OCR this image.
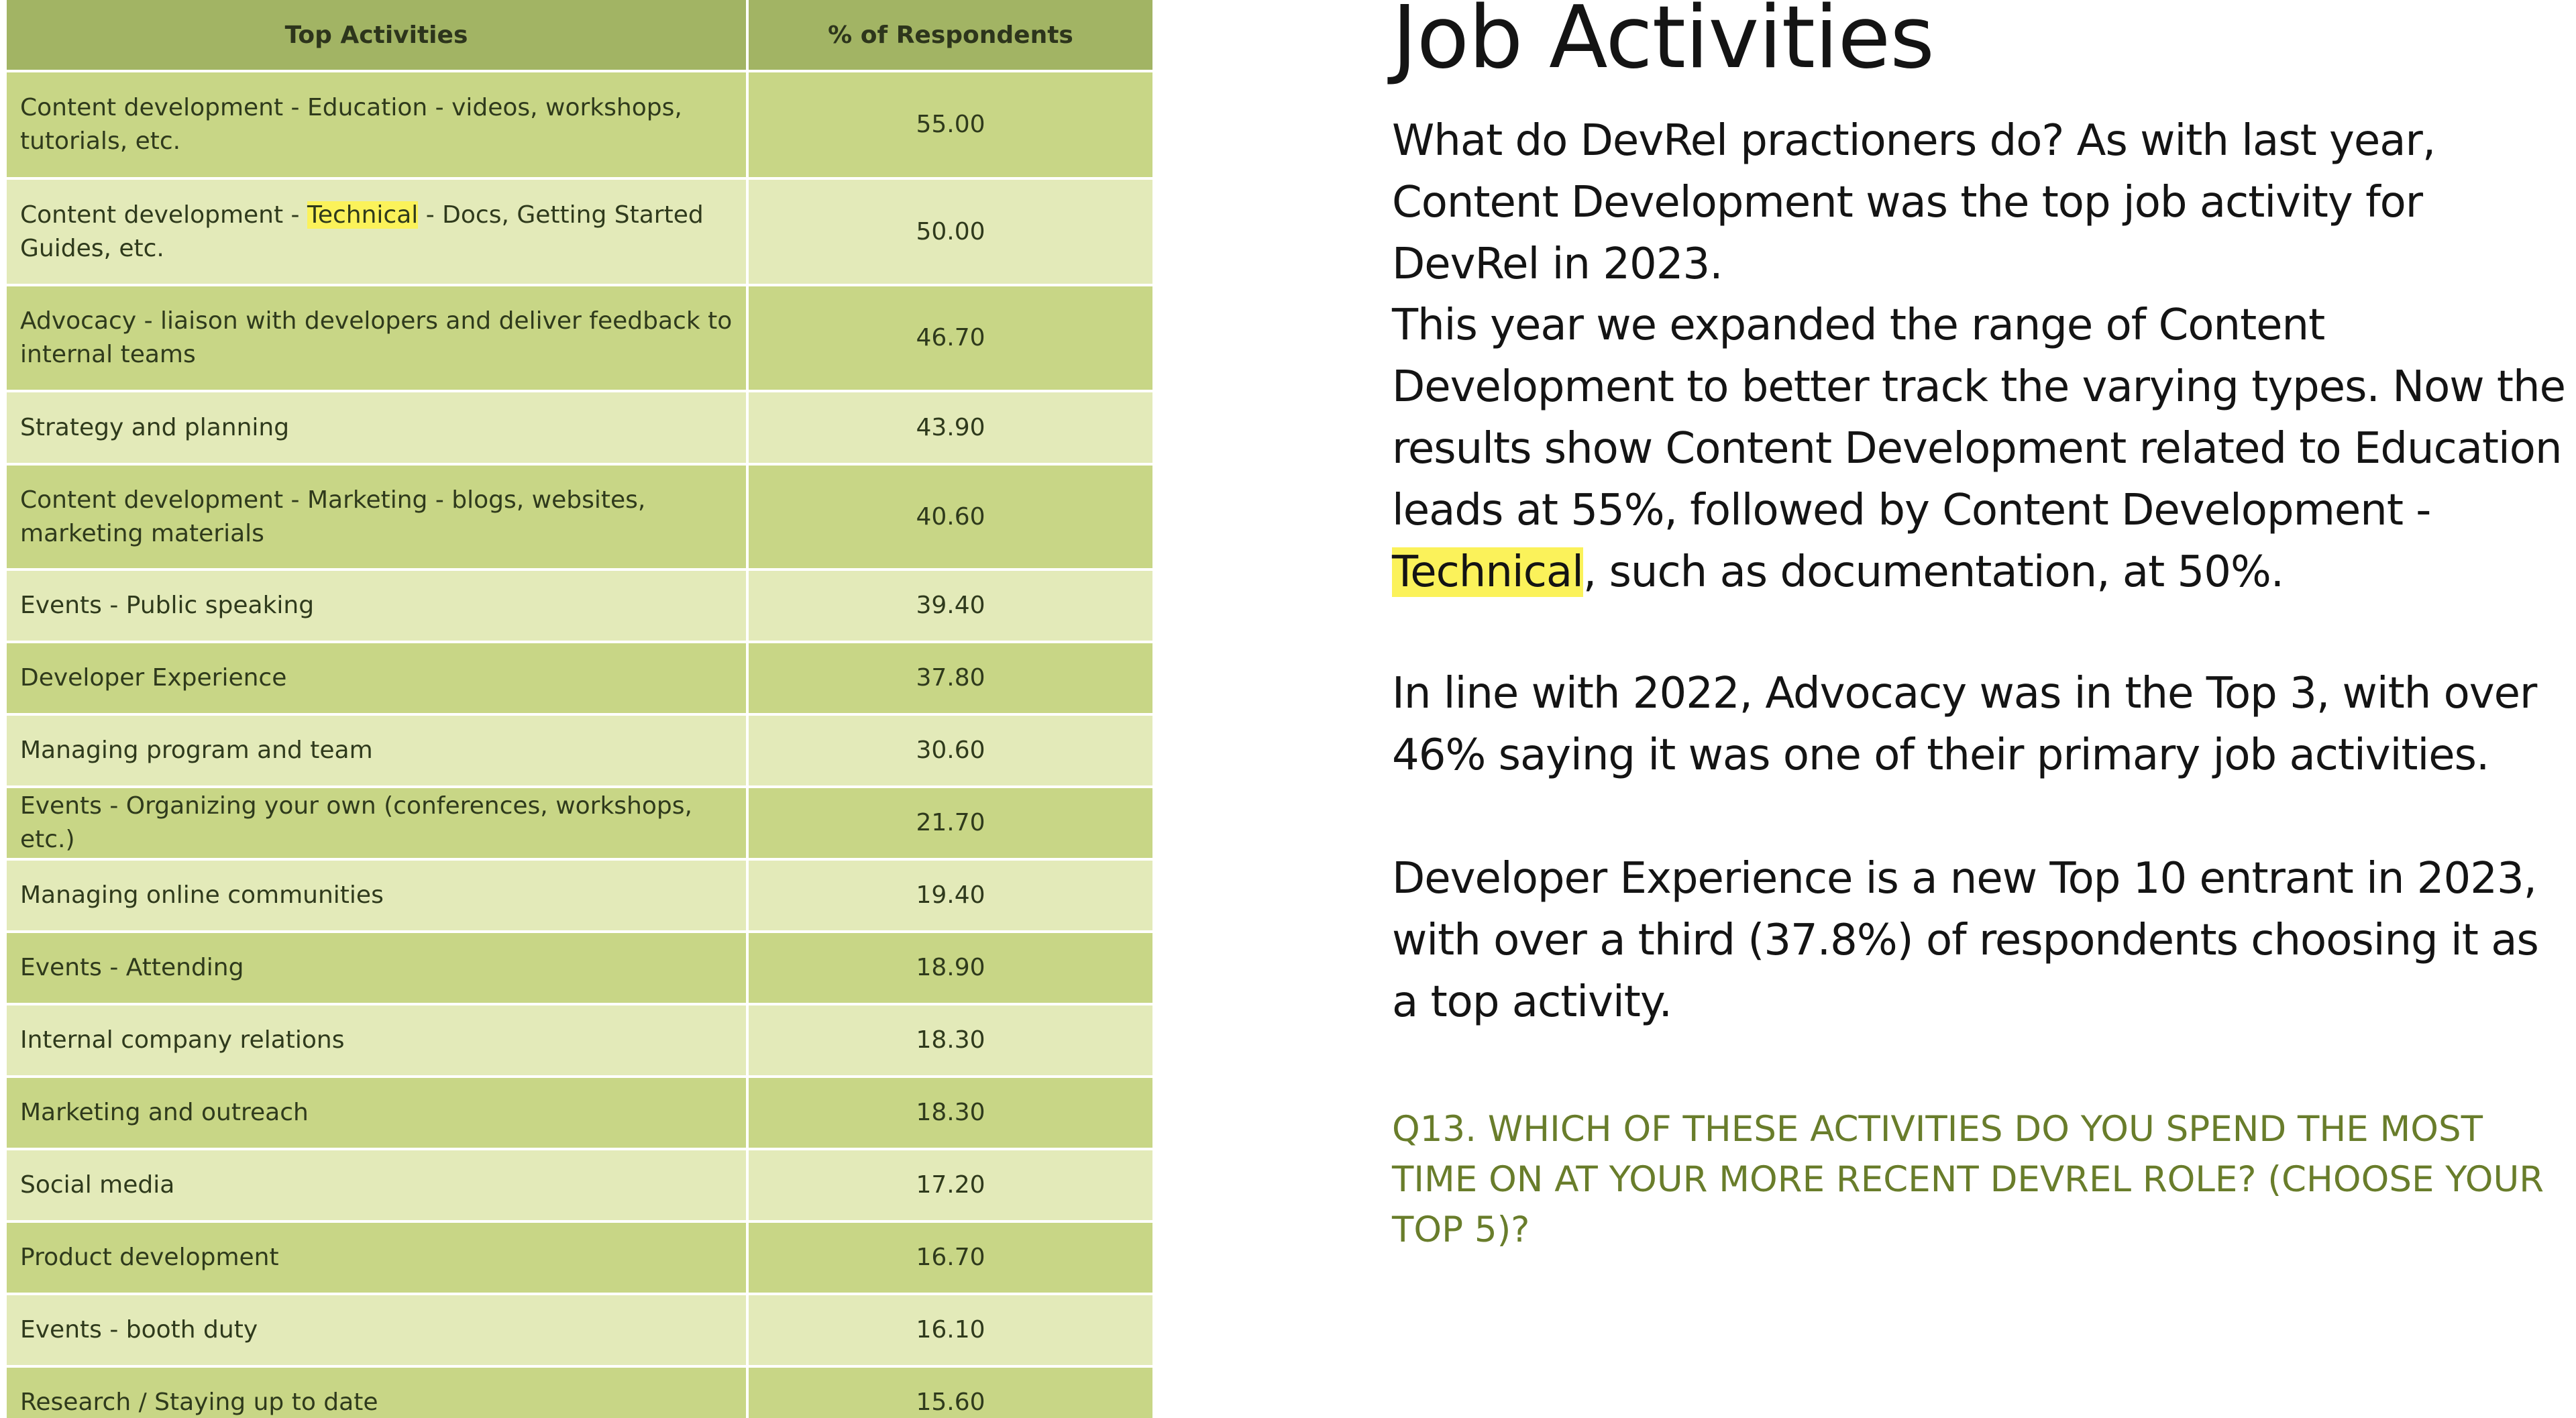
Top Activities	% of Respondents
Content development - Education - videos, workshops, tutorials, etc.	55.00
Content development - Technical - Docs, Getting Started Guides, etc.	50.00
Advocacy - liaison with developers and deliver feedback to internal teams	46.70
Strategy and planning	43.90
Content development - Marketing - blogs, websites, marketing materials	40.60
Events - Public speaking	39.40
Developer Experience	37.80
Managing program and team	30.60
Events - Organizing your own (conferences, workshops, etc.)	21.70
Managing online communities	19.40
Events - Attending	18.90
Internal company relations	18.30
Marketing and outreach	18.30
Social media	17.20
Product development	16.70
Events - booth duty	16.10
Research / Staying up to date	15.60
Job Activities

What do DevRel practioners do? As with last year, Content Development was the top job activity for DevRel in 2023.

This year we expanded the range of Content Development to better track the varying types. Now the results show Content Development related to Education leads at 55%, followed by Content Development - Technical, such as documentation, at 50%.

In line with 2022, Advocacy was in the Top 3, with over 46% saying it was one of their primary job activities.

Developer Experience is a new Top 10 entrant in 2023, with over a third (37.8%) of respondents choosing it as a top activity.

Q13. WHICH OF THESE ACTIVITIES DO YOU SPEND THE MOST TIME ON AT YOUR MORE RECENT DEVREL ROLE? (CHOOSE YOUR TOP 5)?
